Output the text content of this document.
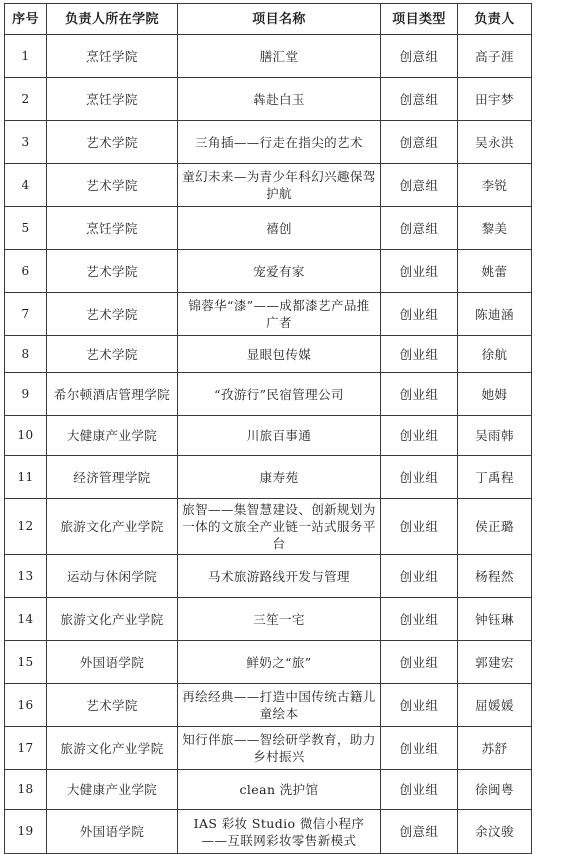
序号	负责人所在学院	项目名称	项目类型	负责人
1	烹饪学院	膳汇堂	创意组	高子涯
2	烹饪学院	犇赴白玉	创意组	田宇梦
3	艺术学院	三角插——行走在指尖的艺术	创意组	吴永洪
4	艺术学院	童幻未来—为青少年科幻兴趣保驾护航	创意组	李锐
5	烹饪学院	禧创	创意组	黎美
6	艺术学院	宠爱有家	创业组	姚蕾
7	艺术学院	锦蓉华“漆”——成都漆艺产品推广者	创业组	陈迪涵
8	艺术学院	显眼包传媒	创业组	徐航
9	希尔顿酒店管理学院	“孜游行”民宿管理公司	创业组	她姆
10	大健康产业学院	川旅百事通	创业组	吴雨韩
11	经济管理学院	康寿苑	创业组	丁禹程
12	旅游文化产业学院	旅智——集智慧建设、创新规划为一体的文旅全产业链一站式服务平台	创业组	侯正璐
13	运动与休闲学院	马术旅游路线开发与管理	创业组	杨程然
14	旅游文化产业学院	三笙一宅	创业组	钟钰琳
15	外国语学院	鲜奶之“旅”	创业组	郭建宏
16	艺术学院	再绘经典——打造中国传统古籍儿童绘本	创业组	屈媛媛
17	旅游文化产业学院	知行伴旅——智绘研学教育，助力乡村振兴	创业组	苏舒
18	大健康产业学院	clean 洗护馆	创业组	徐闽粤
19	外国语学院	IAS 彩妆 Studio 微信小程序——互联网彩妆零售新模式	创意组	余汶骏
